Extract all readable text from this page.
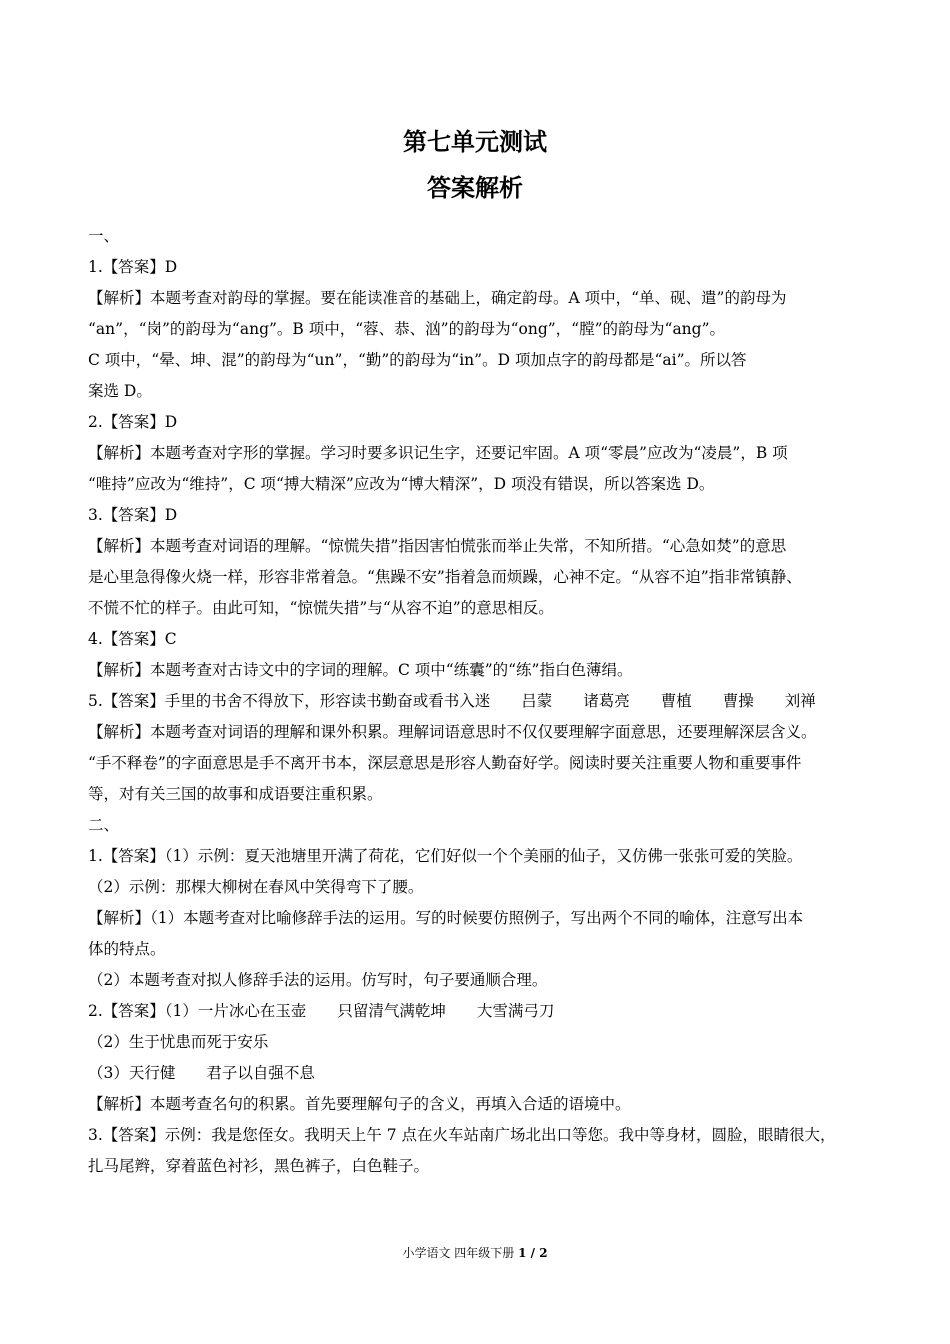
第七单元测试
答案解析
一、
1.【答案】D
【解析】本题考查对韵母的掌握。要在能读准音的基础上，确定韵母。A 项中，“单、砚、遣”的韵母为
“an”，“岗”的韵母为“ang”。B 项中，“蓉、恭、汹”的韵母为“ong”，“膛”的韵母为“ang”。
C 项中，“晕、坤、混”的韵母为“un”，“勤”的韵母为“in”。D 项加点字的韵母都是“ai”。所以答
案选 D。
2.【答案】D
【解析】本题考查对字形的掌握。学习时要多识记生字，还要记牢固。A 项“零晨”应改为“凌晨”，B 项
“唯持”应改为“维持”，C 项“搏大精深”应改为“博大精深”，D 项没有错误，所以答案选 D。
3.【答案】D
【解析】本题考查对词语的理解。“惊慌失措”指因害怕慌张而举止失常，不知所措。“心急如焚”的意思
是心里急得像火烧一样，形容非常着急。“焦躁不安”指着急而烦躁，心神不定。“从容不迫”指非常镇静、
不慌不忙的样子。由此可知，“惊慌失措”与“从容不迫”的意思相反。
4.【答案】C
【解析】本题考查对古诗文中的字词的理解。C 项中“练囊”的“练”指白色薄绢。
5.【答案】手里的书舍不得放下，形容读书勤奋或看书入迷　　吕蒙　　诸葛亮　　曹植　　曹操　　刘禅
【解析】本题考查对词语的理解和课外积累。理解词语意思时不仅仅要理解字面意思，还要理解深层含义。
“手不释卷”的字面意思是手不离开书本，深层意思是形容人勤奋好学。阅读时要关注重要人物和重要事件
等，对有关三国的故事和成语要注重积累。
二、
1.【答案】（1）示例：夏天池塘里开满了荷花，它们好似一个个美丽的仙子，又仿佛一张张可爱的笑脸。
（2）示例：那棵大柳树在春风中笑得弯下了腰。
【解析】（1）本题考查对比喻修辞手法的运用。写的时候要仿照例子，写出两个不同的喻体，注意写出本
体的特点。
（2）本题考查对拟人修辞手法的运用。仿写时，句子要通顺合理。
2.【答案】（1）一片冰心在玉壶　　只留清气满乾坤　　大雪满弓刀
（2）生于忧患而死于安乐
（3）天行健　　君子以自强不息
【解析】本题考查名句的积累。首先要理解句子的含义，再填入合适的语境中。
3.【答案】示例：我是您侄女。我明天上午 7 点在火车站南广场北出口等您。我中等身材，圆脸，眼睛很大，
扎马尾辫，穿着蓝色衬衫，黑色裤子，白色鞋子。
小学语文 四年级下册 1 / 2
